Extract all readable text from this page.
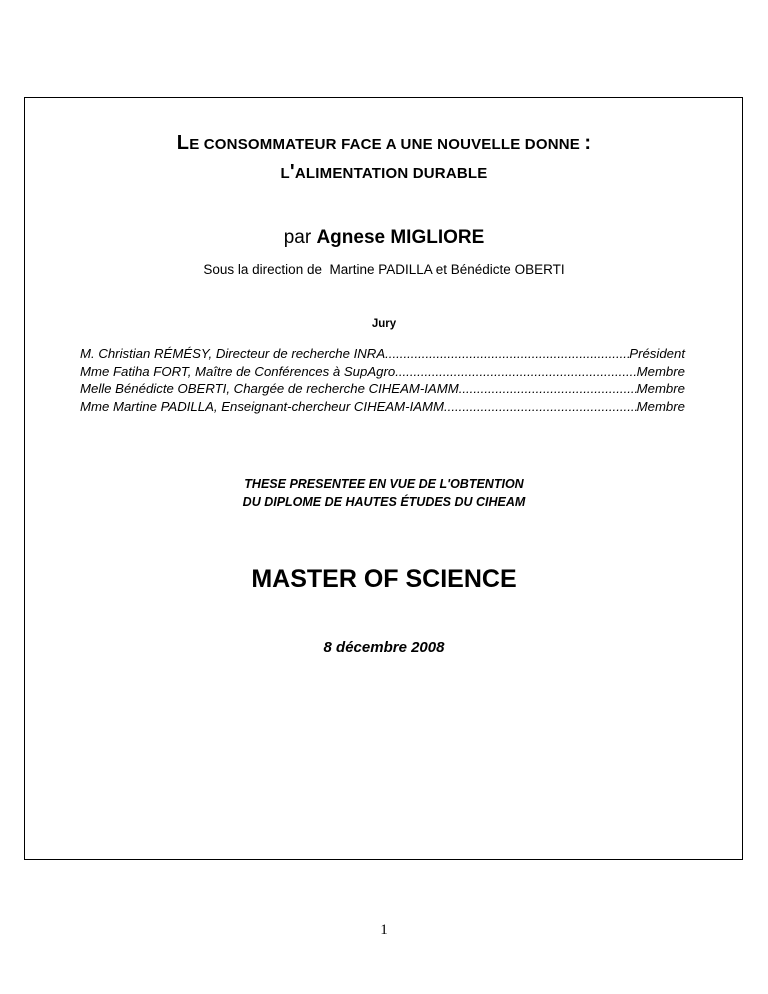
LE CONSOMMATEUR FACE A UNE NOUVELLE DONNE :
L'ALIMENTATION DURABLE
par Agnese MIGLIORE
Sous la direction de  Martine PADILLA et Bénédicte OBERTI
Jury
M. Christian RÉMÉSY, Directeur de recherche INRA .....	Président
Mme Fatiha FORT, Maître de Conférences à SupAgro .....	Membre
Melle Bénédicte OBERTI, Chargée de recherche CIHEAM-IAMM .....	Membre
Mme Martine PADILLA, Enseignant-chercheur CIHEAM-IAMM .....	Membre
THESE PRESENTEE EN VUE DE L'OBTENTION
DU DIPLOME DE HAUTES ÉTUDES DU CIHEAM
MASTER OF SCIENCE
8 décembre 2008
1
